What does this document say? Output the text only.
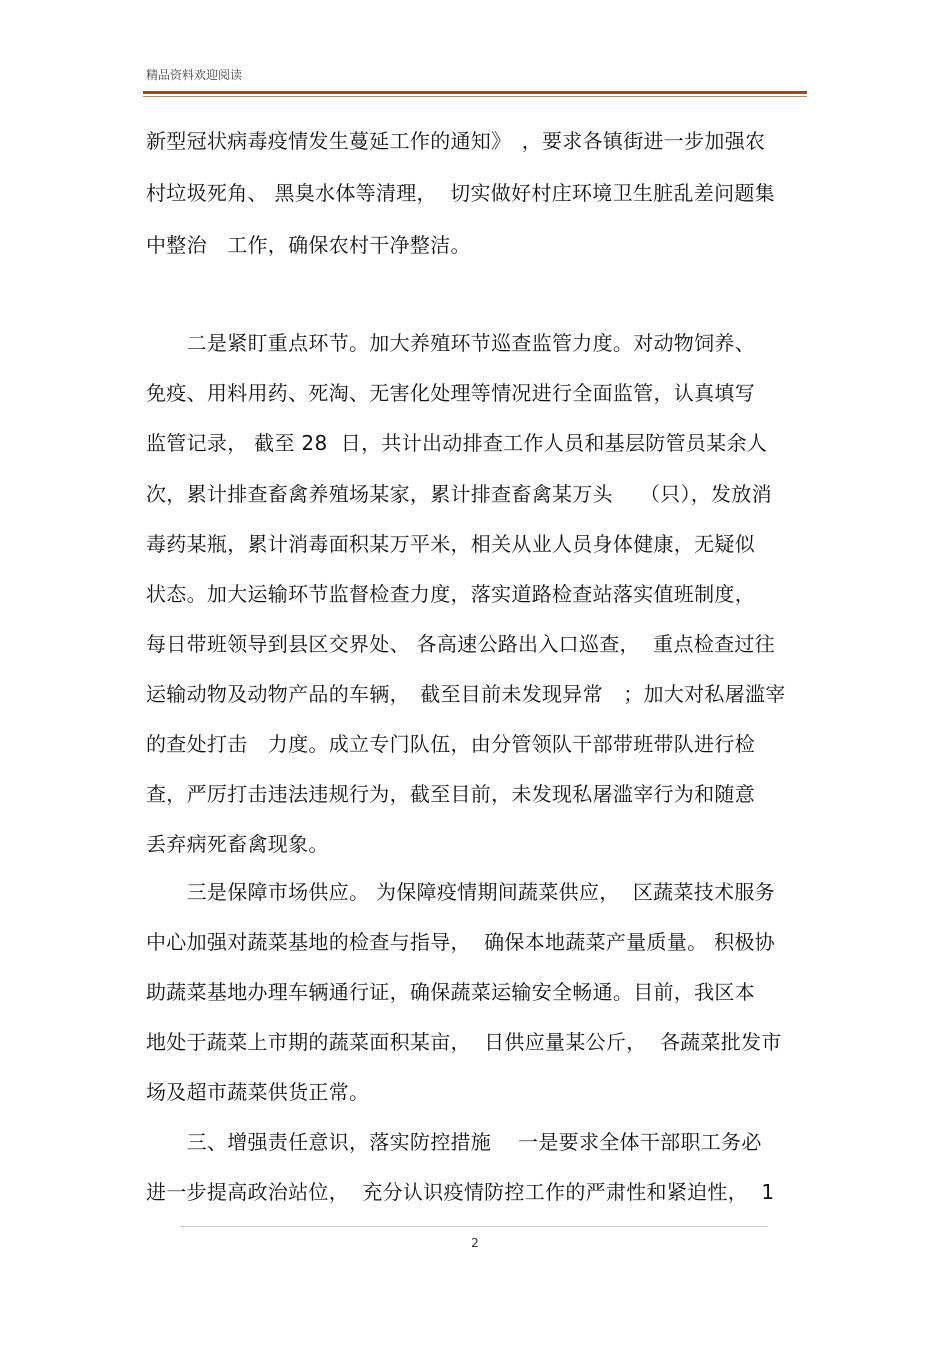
精品资料欢迎阅读
新型冠状病毒疫情发生蔓延工作的通知》　，要求各镇街进一步加强农
村垃圾死角、 黑臭水体等清理，  切实做好村庄环境卫生脏乱差问题集
中整治　工作，确保农村干净整洁。
　　二是紧盯重点环节。加大养殖环节巡查监管力度。对动物饲养、
免疫、用料用药、死淘、无害化处理等情况进行全面监管，认真填写
监管记录， 截至 28  日，共计出动排查工作人员和基层防管员某余人
次，累计排查畜禽养殖场某家，累计排查畜禽某万头　 （只），发放消
毒药某瓶，累计消毒面积某万平米，相关从业人员身体健康，无疑似
状态。加大运输环节监督检查力度，落实道路检查站落实值班制度，
每日带班领导到县区交界处、 各高速公路出入口巡查，  重点检查过往
运输动物及动物产品的车辆，　截至目前未发现异常　；加大对私屠滥宰
的查处打击　力度。成立专门队伍，由分管领队干部带班带队进行检
查，严厉打击违法违规行为，截至目前，未发现私屠滥宰行为和随意
丢弃病死畜禽现象。
　　三是保障市场供应。 为保障疫情期间蔬菜供应，  区蔬菜技术服务
中心加强对蔬菜基地的检查与指导，  确保本地蔬菜产量质量。 积极协
助蔬菜基地办理车辆通行证，确保蔬菜运输安全畅通。目前，我区本
地处于蔬菜上市期的蔬菜面积某亩，  日供应量某公斤，  各蔬菜批发市
场及超市蔬菜供货正常。
　　三、增强责任意识，落实防控措施　 一是要求全体干部职工务必
进一步提高政治站位，  充分认识疫情防控工作的严肃性和紧迫性，  1
2
